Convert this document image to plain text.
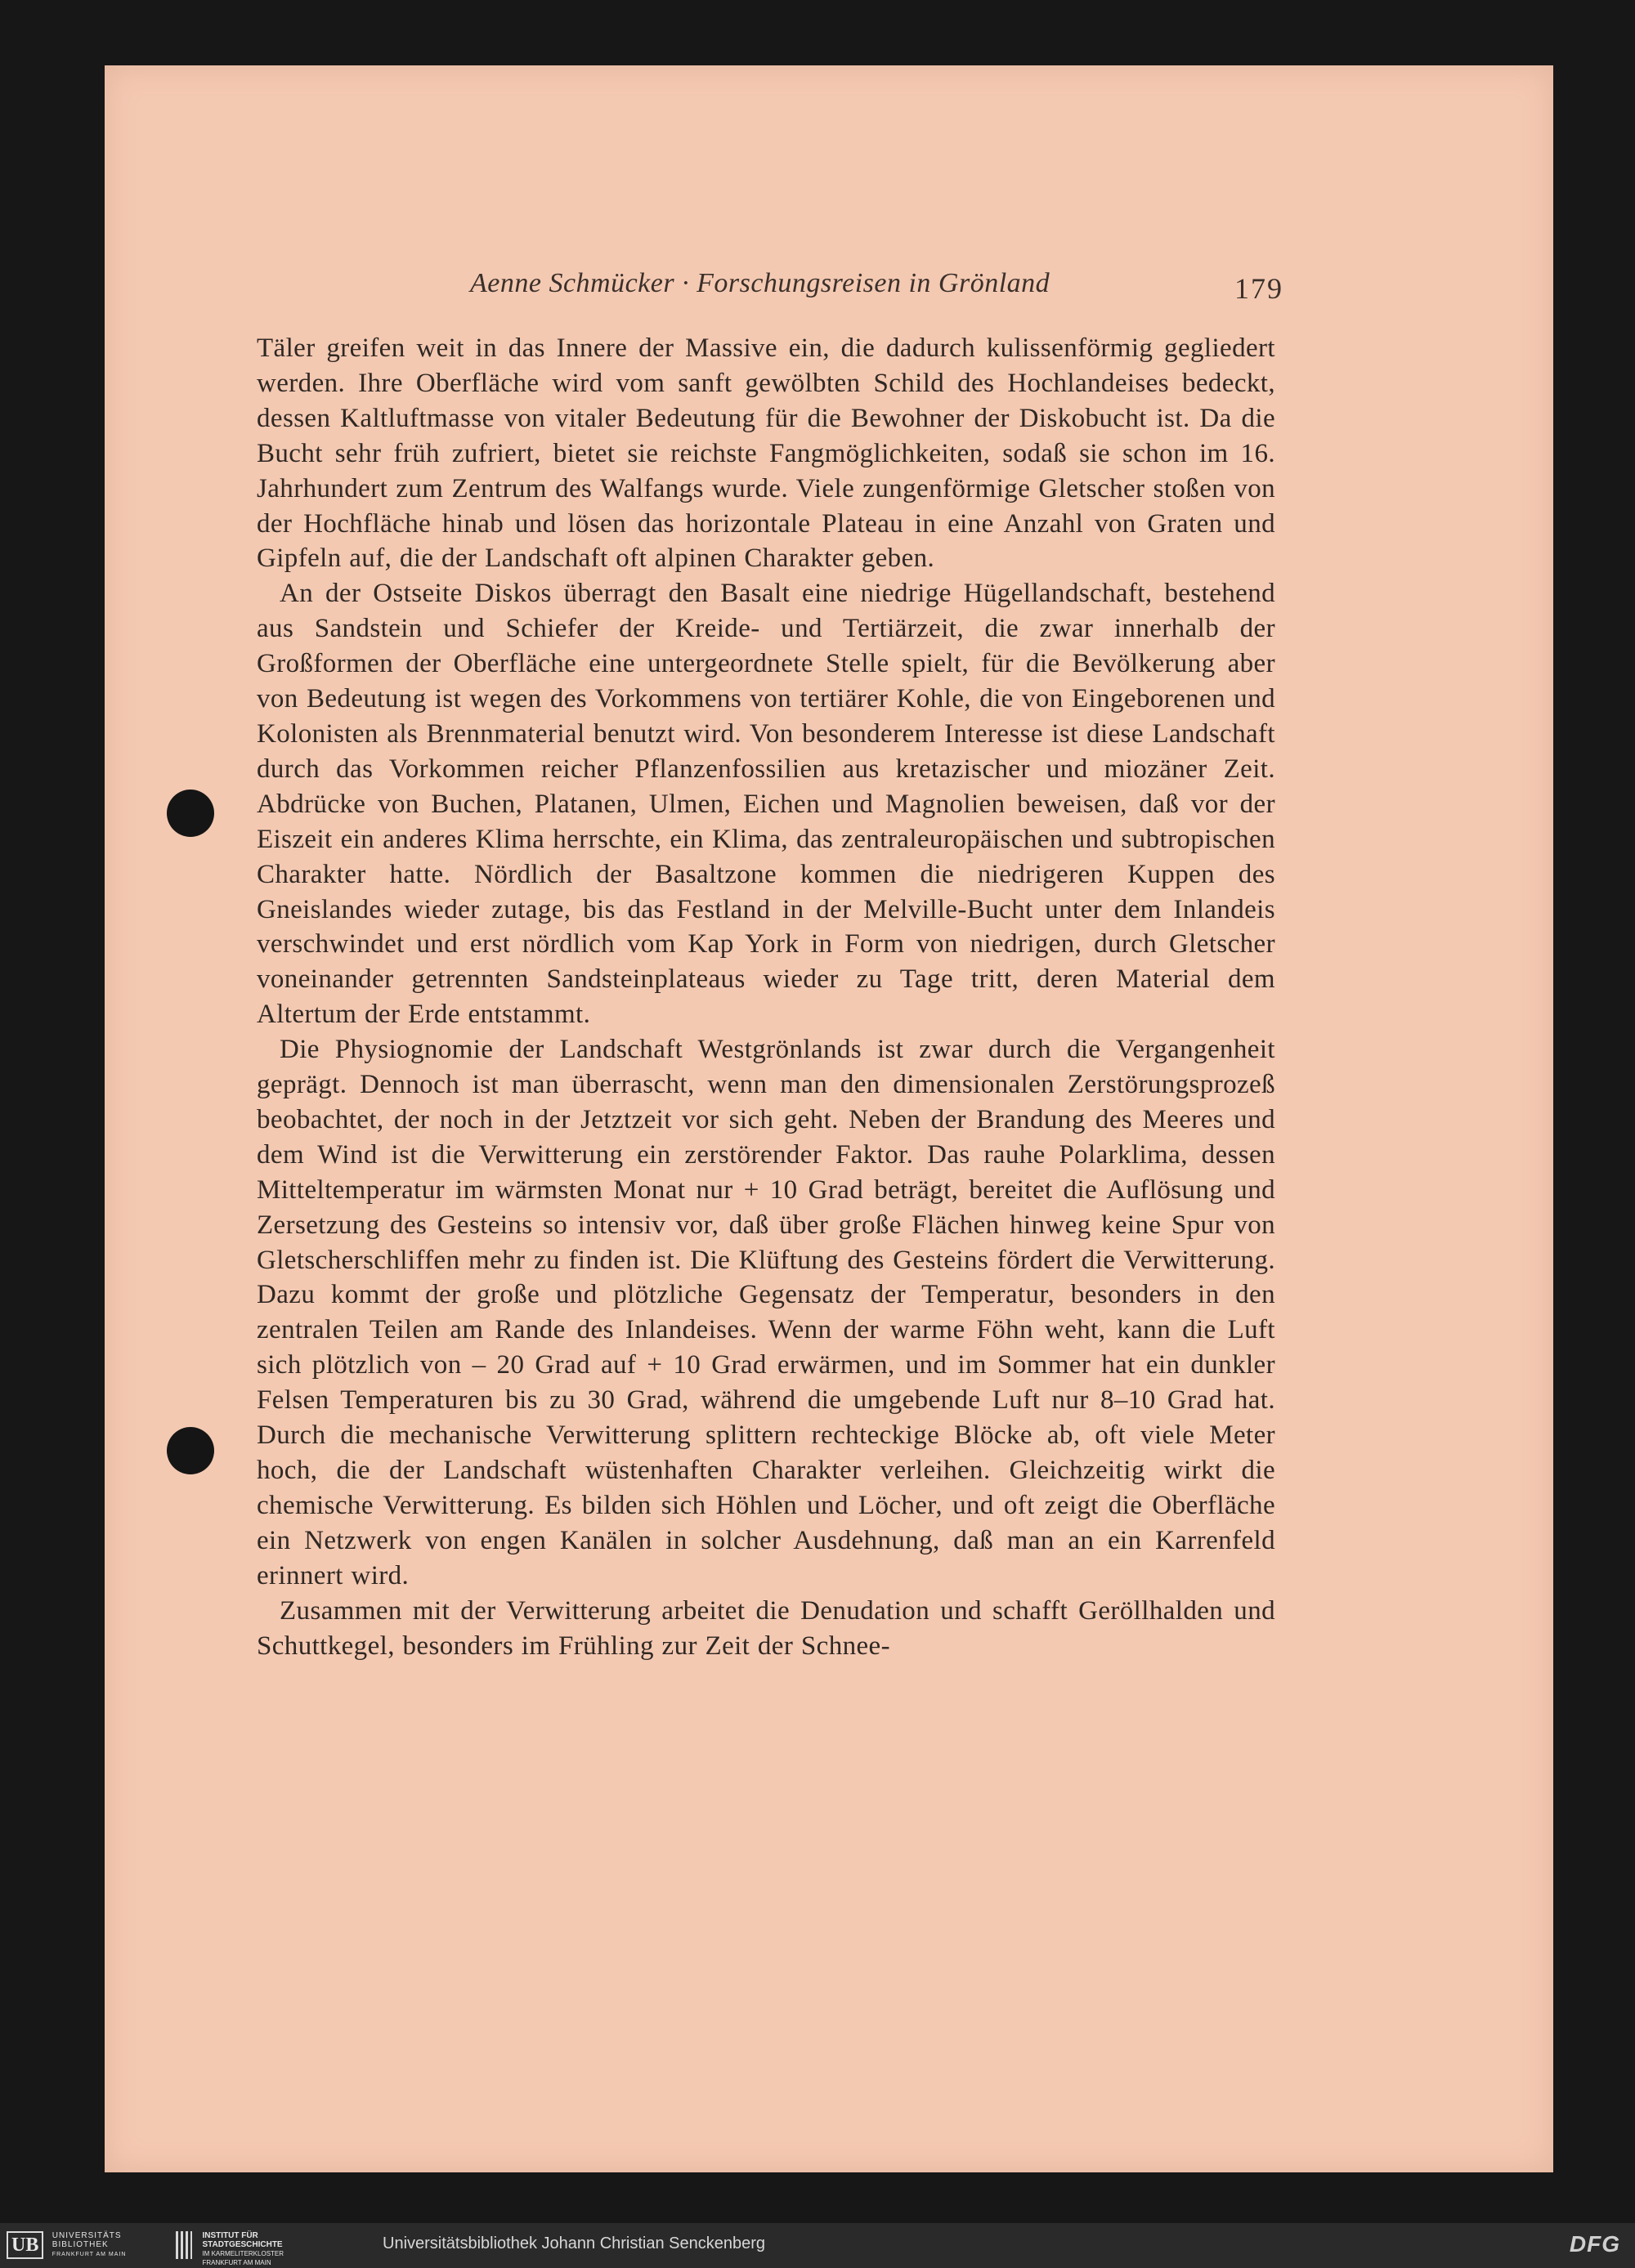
Aenne Schmücker · Forschungsreisen in Grönland	179

Täler greifen weit in das Innere der Massive ein, die dadurch kulissenförmig gegliedert werden. Ihre Oberfläche wird vom sanft gewölbten Schild des Hochlandeises bedeckt, dessen Kaltluftmasse von vitaler Bedeutung für die Bewohner der Diskobucht ist. Da die Bucht sehr früh zufriert, bietet sie reichste Fangmöglichkeiten, sodaß sie schon im 16. Jahrhundert zum Zentrum des Walfangs wurde. Viele zungenförmige Gletscher stoßen von der Hochfläche hinab und lösen das horizontale Plateau in eine Anzahl von Graten und Gipfeln auf, die der Landschaft oft alpinen Charakter geben.

An der Ostseite Diskos überragt den Basalt eine niedrige Hügellandschaft, bestehend aus Sandstein und Schiefer der Kreide- und Tertiärzeit, die zwar innerhalb der Großformen der Oberfläche eine untergeordnete Stelle spielt, für die Bevölkerung aber von Bedeutung ist wegen des Vorkommens von tertiärer Kohle, die von Eingeborenen und Kolonisten als Brennmaterial benutzt wird. Von besonderem Interesse ist diese Landschaft durch das Vorkommen reicher Pflanzenfossilien aus kretazischer und miozäner Zeit. Abdrücke von Buchen, Platanen, Ulmen, Eichen und Magnolien beweisen, daß vor der Eiszeit ein anderes Klima herrschte, ein Klima, das zentraleuropäischen und subtropischen Charakter hatte. Nördlich der Basaltzone kommen die niedrigeren Kuppen des Gneislandes wieder zutage, bis das Festland in der Melville-Bucht unter dem Inlandeis verschwindet und erst nördlich vom Kap York in Form von niedrigen, durch Gletscher voneinander getrennten Sandsteinplateaus wieder zu Tage tritt, deren Material dem Altertum der Erde entstammt.

Die Physiognomie der Landschaft Westgrönlands ist zwar durch die Vergangenheit geprägt. Dennoch ist man überrascht, wenn man den dimensionalen Zerstörungsprozeß beobachtet, der noch in der Jetztzeit vor sich geht. Neben der Brandung des Meeres und dem Wind ist die Verwitterung ein zerstörender Faktor. Das rauhe Polarklima, dessen Mitteltemperatur im wärmsten Monat nur + 10 Grad beträgt, bereitet die Auflösung und Zersetzung des Gesteins so intensiv vor, daß über große Flächen hinweg keine Spur von Gletscherschliffen mehr zu finden ist. Die Klüftung des Gesteins fördert die Verwitterung. Dazu kommt der große und plötzliche Gegensatz der Temperatur, besonders in den zentralen Teilen am Rande des Inlandeises. Wenn der warme Föhn weht, kann die Luft sich plötzlich von – 20 Grad auf + 10 Grad erwärmen, und im Sommer hat ein dunkler Felsen Temperaturen bis zu 30 Grad, während die umgebende Luft nur 8–10 Grad hat. Durch die mechanische Verwitterung splittern rechteckige Blöcke ab, oft viele Meter hoch, die der Landschaft wüstenhaften Charakter verleihen. Gleichzeitig wirkt die chemische Verwitterung. Es bilden sich Höhlen und Löcher, und oft zeigt die Oberfläche ein Netzwerk von engen Kanälen in solcher Ausdehnung, daß man an ein Karrenfeld erinnert wird.

Zusammen mit der Verwitterung arbeitet die Denudation und schafft Geröllhalden und Schuttkegel, besonders im Frühling zur Zeit der Schnee-

UB UNIVERSITÄTS
BIBLIOTHEK
FRANKFURT AM MAIN
INSTITUT FÜR
STADTGESCHICHTE
IM KARMELITERKLOSTER
FRANKFURT AM MAIN
Universitätsbibliothek Johann Christian Senckenberg	DFG
